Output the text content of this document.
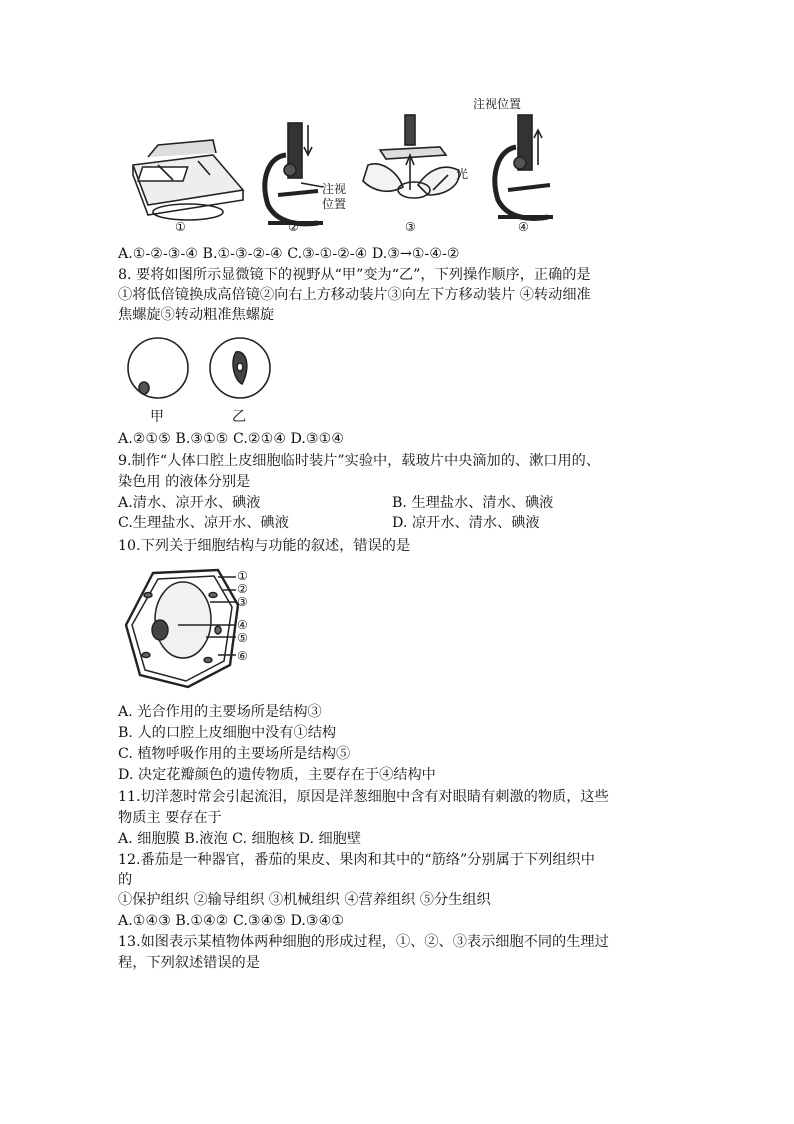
注视
位置
光
注视位置
①	②	③	④
A.①-②-③-④ B.①-③-②-④ C.③-①-②-④ D.③→①-④-②
8. 要将如图所示显微镜下的视野从“甲”变为“乙”，下列操作顺序，正确的是
①将低倍镜换成高倍镜②向右上方移动装片③向左下方移动装片 ④转动细准
焦螺旋⑤转动粗准焦螺旋
甲	乙
A.②①⑤ B.③①⑤ C.②①④ D.③①④
9.制作“人体口腔上皮细胞临时装片”实验中，载玻片中央滴加的、漱口用的、
染色用 的液体分别是
A.清水、凉开水、碘液	B. 生理盐水、清水、碘液
C.生理盐水、凉开水、碘液	D. 凉开水、清水、碘液
10.下列关于细胞结构与功能的叙述，错误的是
①
②
③
④
⑤
⑥
A. 光合作用的主要场所是结构③
B. 人的口腔上皮细胞中没有①结构
C. 植物呼吸作用的主要场所是结构⑤
D. 决定花瓣颜色的遗传物质，主要存在于④结构中
11.切洋葱时常会引起流泪，原因是洋葱细胞中含有对眼睛有刺激的物质，这些
物质主 要存在于
A. 细胞膜 B.液泡 C. 细胞核 D. 细胞壁
12.番茄是一种器官，番茄的果皮、果肉和其中的“筋络”分别属于下列组织中
的
①保护组织 ②输导组织 ③机械组织 ④营养组织 ⑤分生组织
A.①④③ B.①④② C.③④⑤ D.③④①
13.如图表示某植物体两种细胞的形成过程，①、②、③表示细胞不同的生理过
程，下列叙述错误的是
